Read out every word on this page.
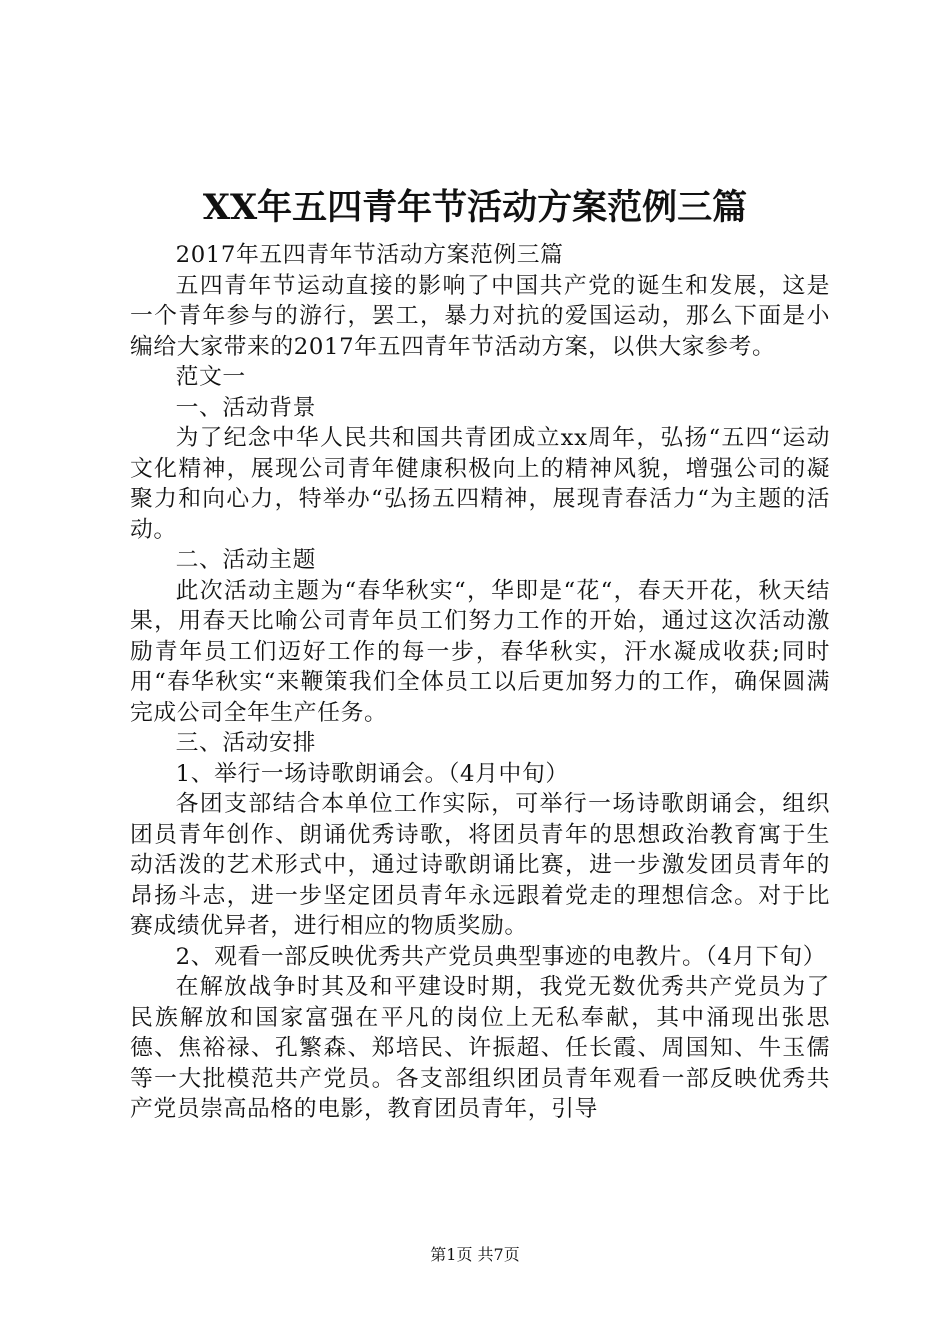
XX年五四青年节活动方案范例三篇

2017年五四青年节活动方案范例三篇

五四青年节运动直接的影响了中国共产党的诞生和发展，这是一个青年参与的游行，罢工，暴力对抗的爱国运动，那么下面是小编给大家带来的2017年五四青年节活动方案，以供大家参考。

范文一

一、活动背景

为了纪念中华人民共和国共青团成立xx周年，弘扬“五四“运动文化精神，展现公司青年健康积极向上的精神风貌，增强公司的凝聚力和向心力，特举办“弘扬五四精神，展现青春活力“为主题的活动。

二、活动主题

此次活动主题为“春华秋实“，华即是“花“，春天开花，秋天结果，用春天比喻公司青年员工们努力工作的开始，通过这次活动激励青年员工们迈好工作的每一步，春华秋实，汗水凝成收获;同时用“春华秋实“来鞭策我们全体员工以后更加努力的工作，确保圆满完成公司全年生产任务。

三、活动安排

1、举行一场诗歌朗诵会。（4月中旬）

各团支部结合本单位工作实际，可举行一场诗歌朗诵会，组织团员青年创作、朗诵优秀诗歌，将团员青年的思想政治教育寓于生动活泼的艺术形式中，通过诗歌朗诵比赛，进一步激发团员青年的昂扬斗志，进一步坚定团员青年永远跟着党走的理想信念。对于比赛成绩优异者，进行相应的物质奖励。

2、观看一部反映优秀共产党员典型事迹的电教片。（4月下旬）

在解放战争时其及和平建设时期，我党无数优秀共产党员为了民族解放和国家富强在平凡的岗位上无私奉献，其中涌现出张思德、焦裕禄、孔繁森、郑培民、许振超、任长霞、周国知、牛玉儒等一大批模范共产党员。各支部组织团员青年观看一部反映优秀共产党员崇高品格的电影，教育团员青年，引导

第1页 共7页
